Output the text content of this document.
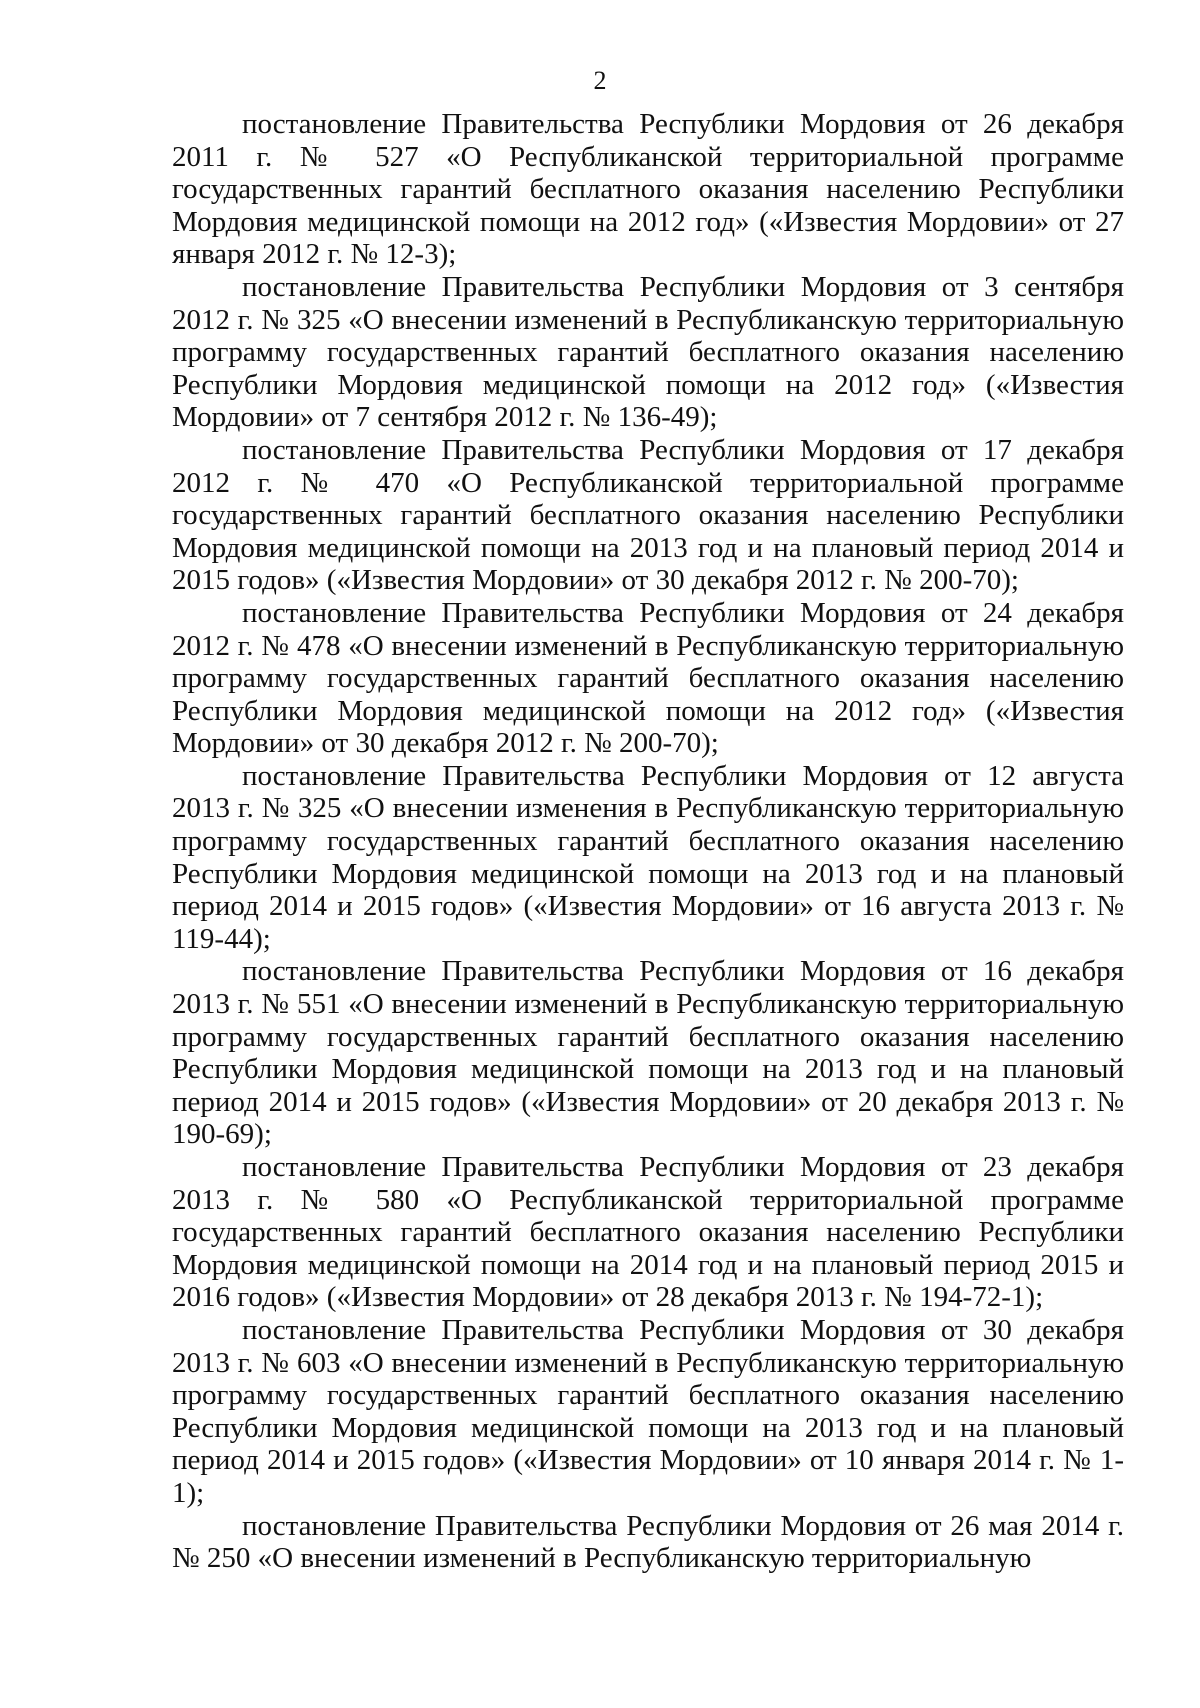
2

постановление Правительства Республики Мордовия от 26 декабря 2011 г. № 527 «О Республиканской территориальной программе государственных гарантий бесплатного оказания населению Республики Мордовия медицинской помощи на 2012 год» («Известия Мордовии» от 27 января 2012 г. № 12-3);

постановление Правительства Республики Мордовия от 3 сентября 2012 г. № 325 «О внесении изменений в Республиканскую территориальную программу государственных гарантий бесплатного оказания населению Республики Мордовия медицинской помощи на 2012 год» («Известия Мордовии» от 7 сентября 2012 г. № 136-49);

постановление Правительства Республики Мордовия от 17 декабря 2012 г. № 470 «О Республиканской территориальной программе государственных гарантий бесплатного оказания населению Республики Мордовия медицинской помощи на 2013 год и на плановый период 2014 и 2015 годов» («Известия Мордовии» от 30 декабря 2012 г. № 200-70);

постановление Правительства Республики Мордовия от 24 декабря 2012 г. № 478 «О внесении изменений в Республиканскую территориальную программу государственных гарантий бесплатного оказания населению Республики Мордовия медицинской помощи на 2012 год» («Известия Мордовии» от 30 декабря 2012 г. № 200-70);

постановление Правительства Республики Мордовия от 12 августа 2013 г. № 325 «О внесении изменения в Республиканскую территориальную программу государственных гарантий бесплатного оказания населению Республики Мордовия медицинской помощи на 2013 год и на плановый период 2014 и 2015 годов» («Известия Мордовии» от 16 августа 2013 г. № 119-44);

постановление Правительства Республики Мордовия от 16 декабря 2013 г. № 551 «О внесении изменений в Республиканскую территориальную программу государственных гарантий бесплатного оказания населению Республики Мордовия медицинской помощи на 2013 год и на плановый период 2014 и 2015 годов» («Известия Мордовии» от 20 декабря 2013 г. № 190-69);

постановление Правительства Республики Мордовия от 23 декабря 2013 г. № 580 «О Республиканской территориальной программе государственных гарантий бесплатного оказания населению Республики Мордовия медицинской помощи на 2014 год и на плановый период 2015 и 2016 годов» («Известия Мордовии» от 28 декабря 2013 г. № 194-72-1);

постановление Правительства Республики Мордовия от 30 декабря 2013 г. № 603 «О внесении изменений в Республиканскую территориальную программу государственных гарантий бесплатного оказания населению Республики Мордовия медицинской помощи на 2013 год и на плановый период 2014 и 2015 годов» («Известия Мордовии» от 10 января 2014 г. № 1-1);

постановление Правительства Республики Мордовия от 26 мая 2014 г. № 250 «О внесении изменений в Республиканскую территориальную
